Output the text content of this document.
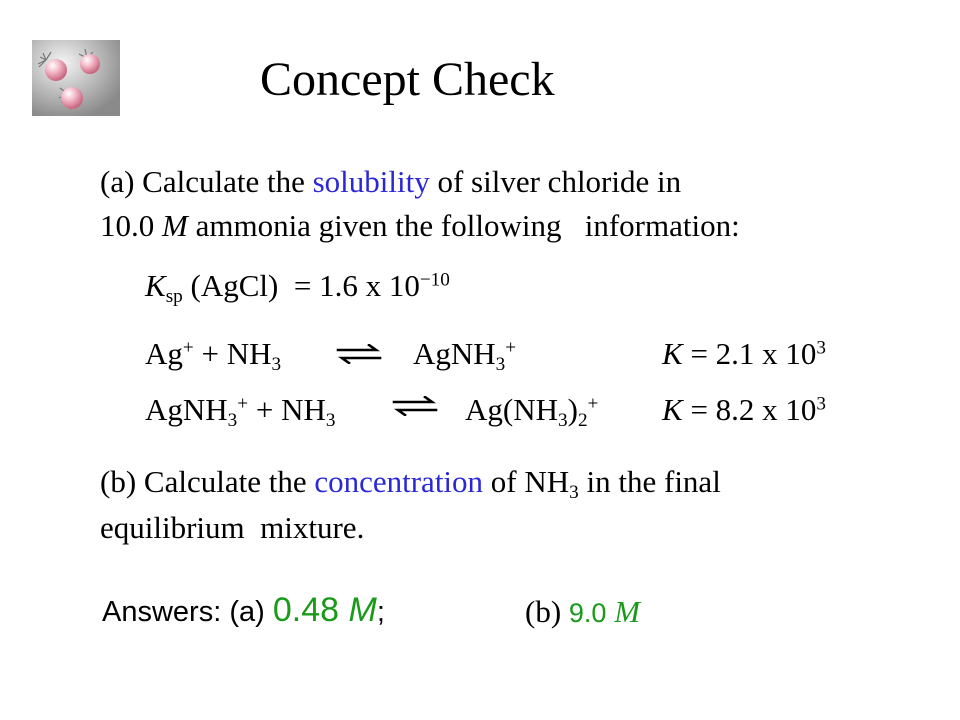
Concept Check
(a) Calculate the solubility of silver chloride in
10.0 M ammonia given the following   information:
$K_{sp}$ (AgCl)  = 1.6 x $10^{-10}$
$Ag^+ + NH_3$ ⇌ AgNH$_3$+	K = 2.1 x $10^3$
AgNH$_3$+ + $NH_3$ ⇌ $Ag(NH_3)_2^+$ K = 8.2 x $10^3$
(b) Calculate the concentration of $NH_3$ in the final
equilibrium  mixture.
Answers: (a) 0.48 M;	(b) 9.0 M
